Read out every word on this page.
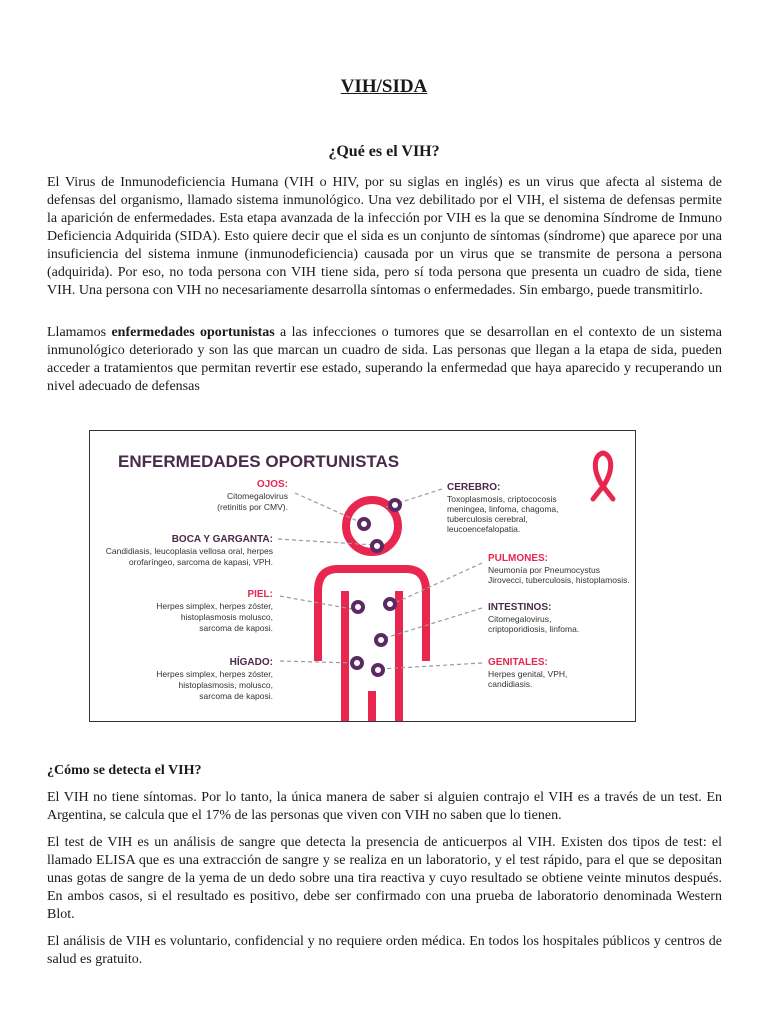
VIH/SIDA
¿Qué es el VIH?

El Virus de Inmunodeficiencia Humana (VIH o HIV, por su siglas en inglés) es un virus que afecta al sistema de defensas del organismo, llamado sistema inmunológico. Una vez debilitado por el VIH, el sistema de defensas permite la aparición de enfermedades. Esta etapa avanzada de la infección por VIH es la que se denomina Síndrome de Inmuno Deficiencia Adquirida (SIDA). Esto quiere decir que el sida es un conjunto de síntomas (síndrome) que aparece por una insuficiencia del sistema inmune (inmunodeficiencia) causada por un virus que se transmite de persona a persona (adquirida). Por eso, no toda persona con VIH tiene sida, pero sí toda persona que presenta un cuadro de sida, tiene VIH. Una persona con VIH no necesariamente desarrolla síntomas o enfermedades. Sin embargo, puede transmitirlo.

Llamamos enfermedades oportunistas a las infecciones o tumores que se desarrollan en el contexto de un sistema inmunológico deteriorado y son las que marcan un cuadro de sida. Las personas que llegan a la etapa de sida, pueden acceder a tratamientos que permitan revertir ese estado, superando la enfermedad que haya aparecido y recuperando un nivel adecuado de defensas

ENFERMEDADES OPORTUNISTAS
OJOS:
Citomegalovirus
(retinitis por CMV).
BOCA Y GARGANTA:
Candidiasis, leucoplasia vellosa oral, herpes
orofaríngeo, sarcoma de kapasi, VPH.
PIEL:
Herpes simplex, herpes zóster,
histoplasmosis molusco,
sarcoma de kaposi.
HÍGADO:
Herpes simplex, herpes zóster,
histoplasmosis, molusco,
sarcoma de kaposi.
CEREBRO:
Toxoplasmosis, criptococosis
meningea, linfoma, chagoma,
tuberculosis cerebral,
leucoencefalopatia.
PULMONES:
Neumonía por Pneumocystus
Jirovecci, tuberculosis, histoplamosis.
INTESTINOS:
Citomegalovirus,
criptoporidiosis, linfoma.
GENITALES:
Herpes genital, VPH,
candidiasis.
¿Cómo se detecta el VIH?

El VIH no tiene síntomas. Por lo tanto, la única manera de saber si alguien contrajo el VIH es a través de un test. En Argentina, se calcula que el 17% de las personas que viven con VIH no saben que lo tienen.

El test de VIH es un análisis de sangre que detecta la presencia de anticuerpos al VIH. Existen dos tipos de test: el llamado ELISA que es una extracción de sangre y se realiza en un laboratorio, y el test rápido, para el que se depositan unas gotas de sangre de la yema de un dedo sobre una tira reactiva y cuyo resultado se obtiene veinte minutos después. En ambos casos, si el resultado es positivo, debe ser confirmado con una prueba de laboratorio denominada Western Blot.

El análisis de VIH es voluntario, confidencial y no requiere orden médica. En todos los hospitales públicos y centros de salud es gratuito.
